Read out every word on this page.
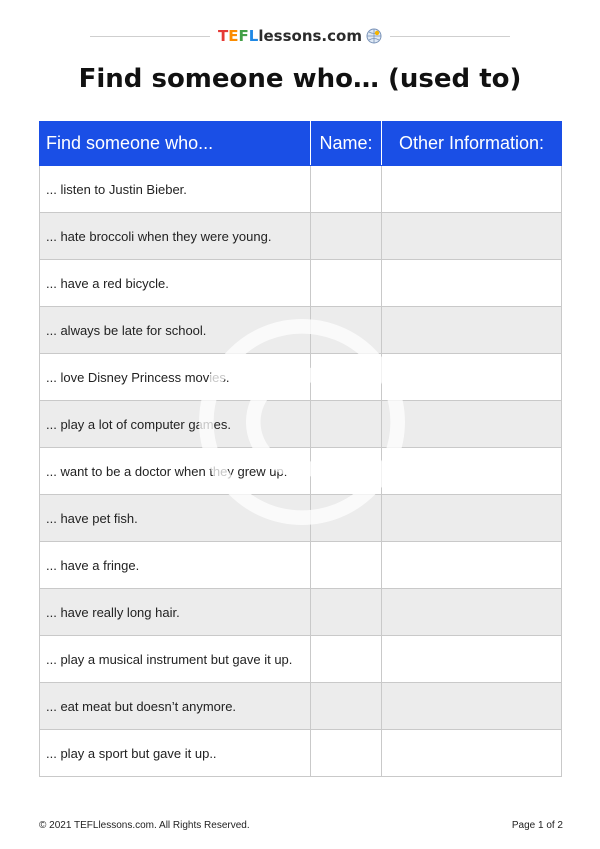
T E F L lessons.com
Find someone who… (used to)
Find someone who...	Name:	Other Information:
... listen to Justin Bieber.		
... hate broccoli when they were young.		
... have a red bicycle.		
... always be late for school.		
... love Disney Princess movies.		
... play a lot of computer games.		
... want to be a doctor when they grew up.		
... have pet fish.		
... have a fringe.		
... have really long hair.		
... play a musical instrument but gave it up.		
... eat meat but doesn’t anymore.		
... play a sport but gave it up..		
© 2021 TEFLlessons.com. All Rights Reserved.	Page 1 of 2
